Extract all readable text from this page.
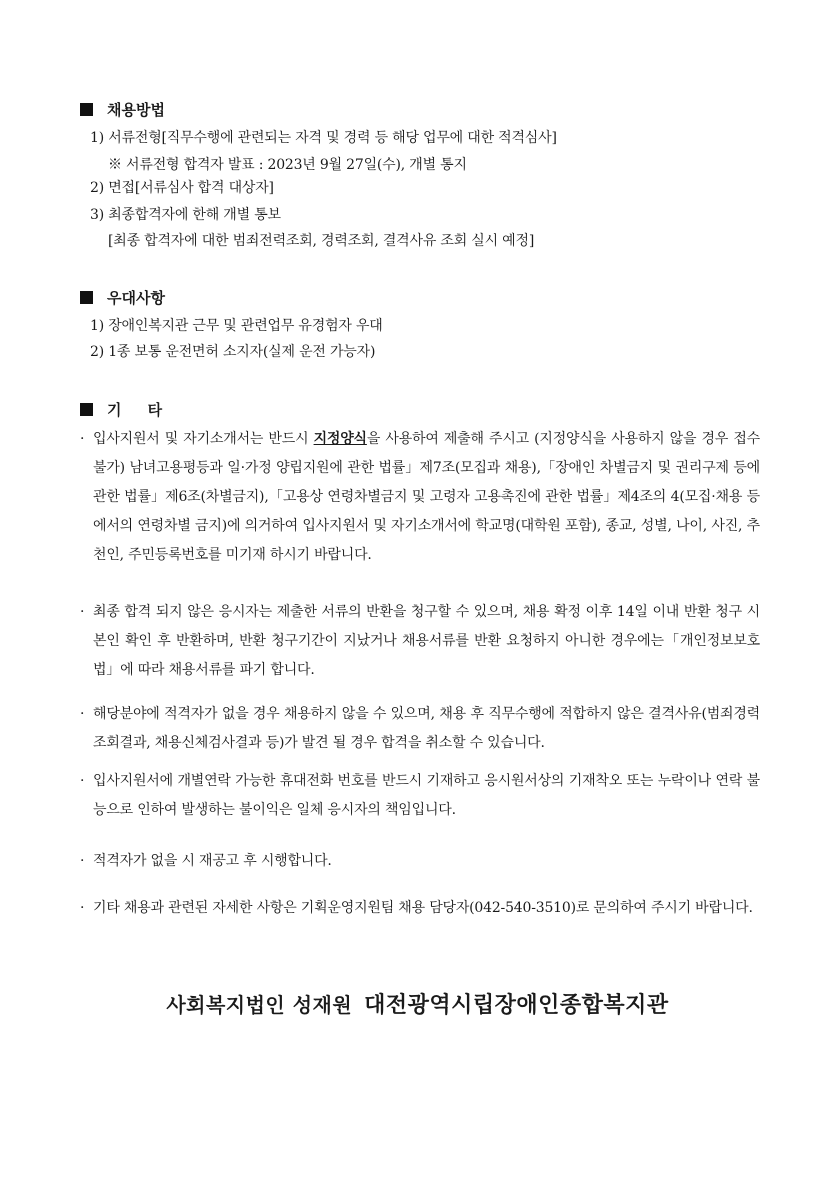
채용방법
1) 서류전형[직무수행에 관련되는 자격 및 경력 등 해당 업무에 대한 적격심사]
※ 서류전형 합격자 발표 : 2023년 9월 27일(수), 개별 통지
2) 면접[서류심사 합격 대상자]
3) 최종합격자에 한해 개별 통보
[최종 합격자에 대한 범죄전력조회, 경력조회, 결격사유 조회 실시 예정]
우대사항
1) 장애인복지관 근무 및 관련업무 유경험자 우대
2) 1종 보통 운전면허 소지자(실제 운전 가능자)
기     타
· 입사지원서 및 자기소개서는 반드시 지정양식을 사용하여 제출해 주시고 (지정양식을 사용하지 않을 경우 접수 불가) 남녀고용평등과 일·가정 양립지원에 관한 법률」제7조(모집과 채용),「장애인 차별금지 및 권리구제 등에 관한 법률」제6조(차별금지),「고용상 연령차별금지 및 고령자 고용촉진에 관한 법률」제4조의 4(모집·채용 등에서의 연령차별 금지)에 의거하여 입사지원서 및 자기소개서에 학교명(대학원 포함), 종교, 성별, 나이, 사진, 추천인, 주민등록번호를 미기재 하시기 바랍니다.
· 최종 합격 되지 않은 응시자는 제출한 서류의 반환을 청구할 수 있으며, 채용 확정 이후 14일 이내 반환 청구 시 본인 확인 후 반환하며, 반환 청구기간이 지났거나 채용서류를 반환 요청하지 아니한 경우에는「개인정보보호법」에 따라 채용서류를 파기 합니다.
· 해당분야에 적격자가 없을 경우 채용하지 않을 수 있으며, 채용 후 직무수행에 적합하지 않은 결격사유(범죄경력조회결과, 채용신체검사결과 등)가 발견 될 경우 합격을 취소할 수 있습니다.
· 입사지원서에 개별연락 가능한 휴대전화 번호를 반드시 기재하고 응시원서상의 기재착오 또는 누락이나 연락 불능으로 인하여 발생하는 불이익은 일체 응시자의 책임입니다.
· 적격자가 없을 시 재공고 후 시행합니다.
· 기타 채용과 관련된 자세한 사항은 기획운영지원팀 채용 담당자(042-540-3510)로 문의하여 주시기 바랍니다.
사회복지법인 성재원 대전광역시립장애인종합복지관
